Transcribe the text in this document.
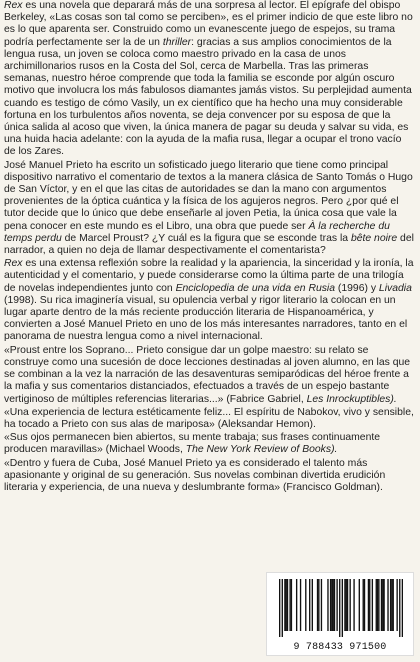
Rex es una novela que deparará más de una sorpresa al lector. El epígrafe del obispo Berkeley, «Las cosas son tal como se perciben», es el primer indicio de que este libro no es lo que aparenta ser. Construido como un evanescente juego de espejos, su trama podría perfectamente ser la de un thriller: gracias a sus amplios conocimientos de la lengua rusa, un joven se coloca como maestro privado en la casa de unos archimillonarios rusos en la Costa del Sol, cerca de Marbella. Tras las primeras semanas, nuestro héroe comprende que toda la familia se esconde por algún oscuro motivo que involucra los más fabulosos diamantes jamás vistos. Su perplejidad aumenta cuando es testigo de cómo Vasily, un ex científico que ha hecho una muy considerable fortuna en los turbulentos años noventa, se deja convencer por su esposa de que la única salida al acoso que viven, la única manera de pagar su deuda y salvar su vida, es una huida hacia adelante: con la ayuda de la mafia rusa, llegar a ocupar el trono vacío de los Zares.

José Manuel Prieto ha escrito un sofisticado juego literario que tiene como principal dispositivo narrativo el comentario de textos a la manera clásica de Santo Tomás o Hugo de San Víctor, y en el que las citas de autoridades se dan la mano con argumentos provenientes de la óptica cuántica y la física de los agujeros negros. Pero ¿por qué el tutor decide que lo único que debe enseñarle al joven Petia, la única cosa que vale la pena conocer en este mundo es el Libro, una obra que puede ser À la recherche du temps perdu de Marcel Proust? ¿Y cuál es la figura que se esconde tras la bête noire del narrador, a quien no deja de llamar despectivamente el comentarista?

Rex es una extensa reflexión sobre la realidad y la apariencia, la sinceridad y la ironía, la autenticidad y el comentario, y puede considerarse como la última parte de una trilogía de novelas independientes junto con Enciclopedia de una vida en Rusia (1996) y Livadia (1998). Su rica imaginería visual, su opulencia verbal y rigor literario la colocan en un lugar aparte dentro de la más reciente producción literaria de Hispanoamérica, y convierten a José Manuel Prieto en uno de los más interesantes narradores, tanto en el panorama de nuestra lengua como a nivel internacional.

«Proust entre los Soprano... Prieto consigue dar un golpe maestro: su relato se construye como una sucesión de doce lecciones destinadas al joven alumno, en las que se combinan a la vez la narración de las desaventuras semiparódicas del héroe frente a la mafia y sus comentarios distanciados, efectuados a través de un espejo bastante vertiginoso de múltiples referencias literarias...» (Fabrice Gabriel, Les Inrockuptibles).

«Una experiencia de lectura estéticamente feliz... El espíritu de Nabokov, vivo y sensible, ha tocado a Prieto con sus alas de mariposa» (Aleksandar Hemon).

«Sus ojos permanecen bien abiertos, su mente trabaja; sus frases continuamente producen maravillas» (Michael Woods, The New York Review of Books).

«Dentro y fuera de Cuba, José Manuel Prieto ya es considerado el talento más apasionante y original de su generación. Sus novelas combinan divertida erudición literaria y experiencia, de una nueva y deslumbrante forma» (Francisco Goldman).

9 788433 971500
